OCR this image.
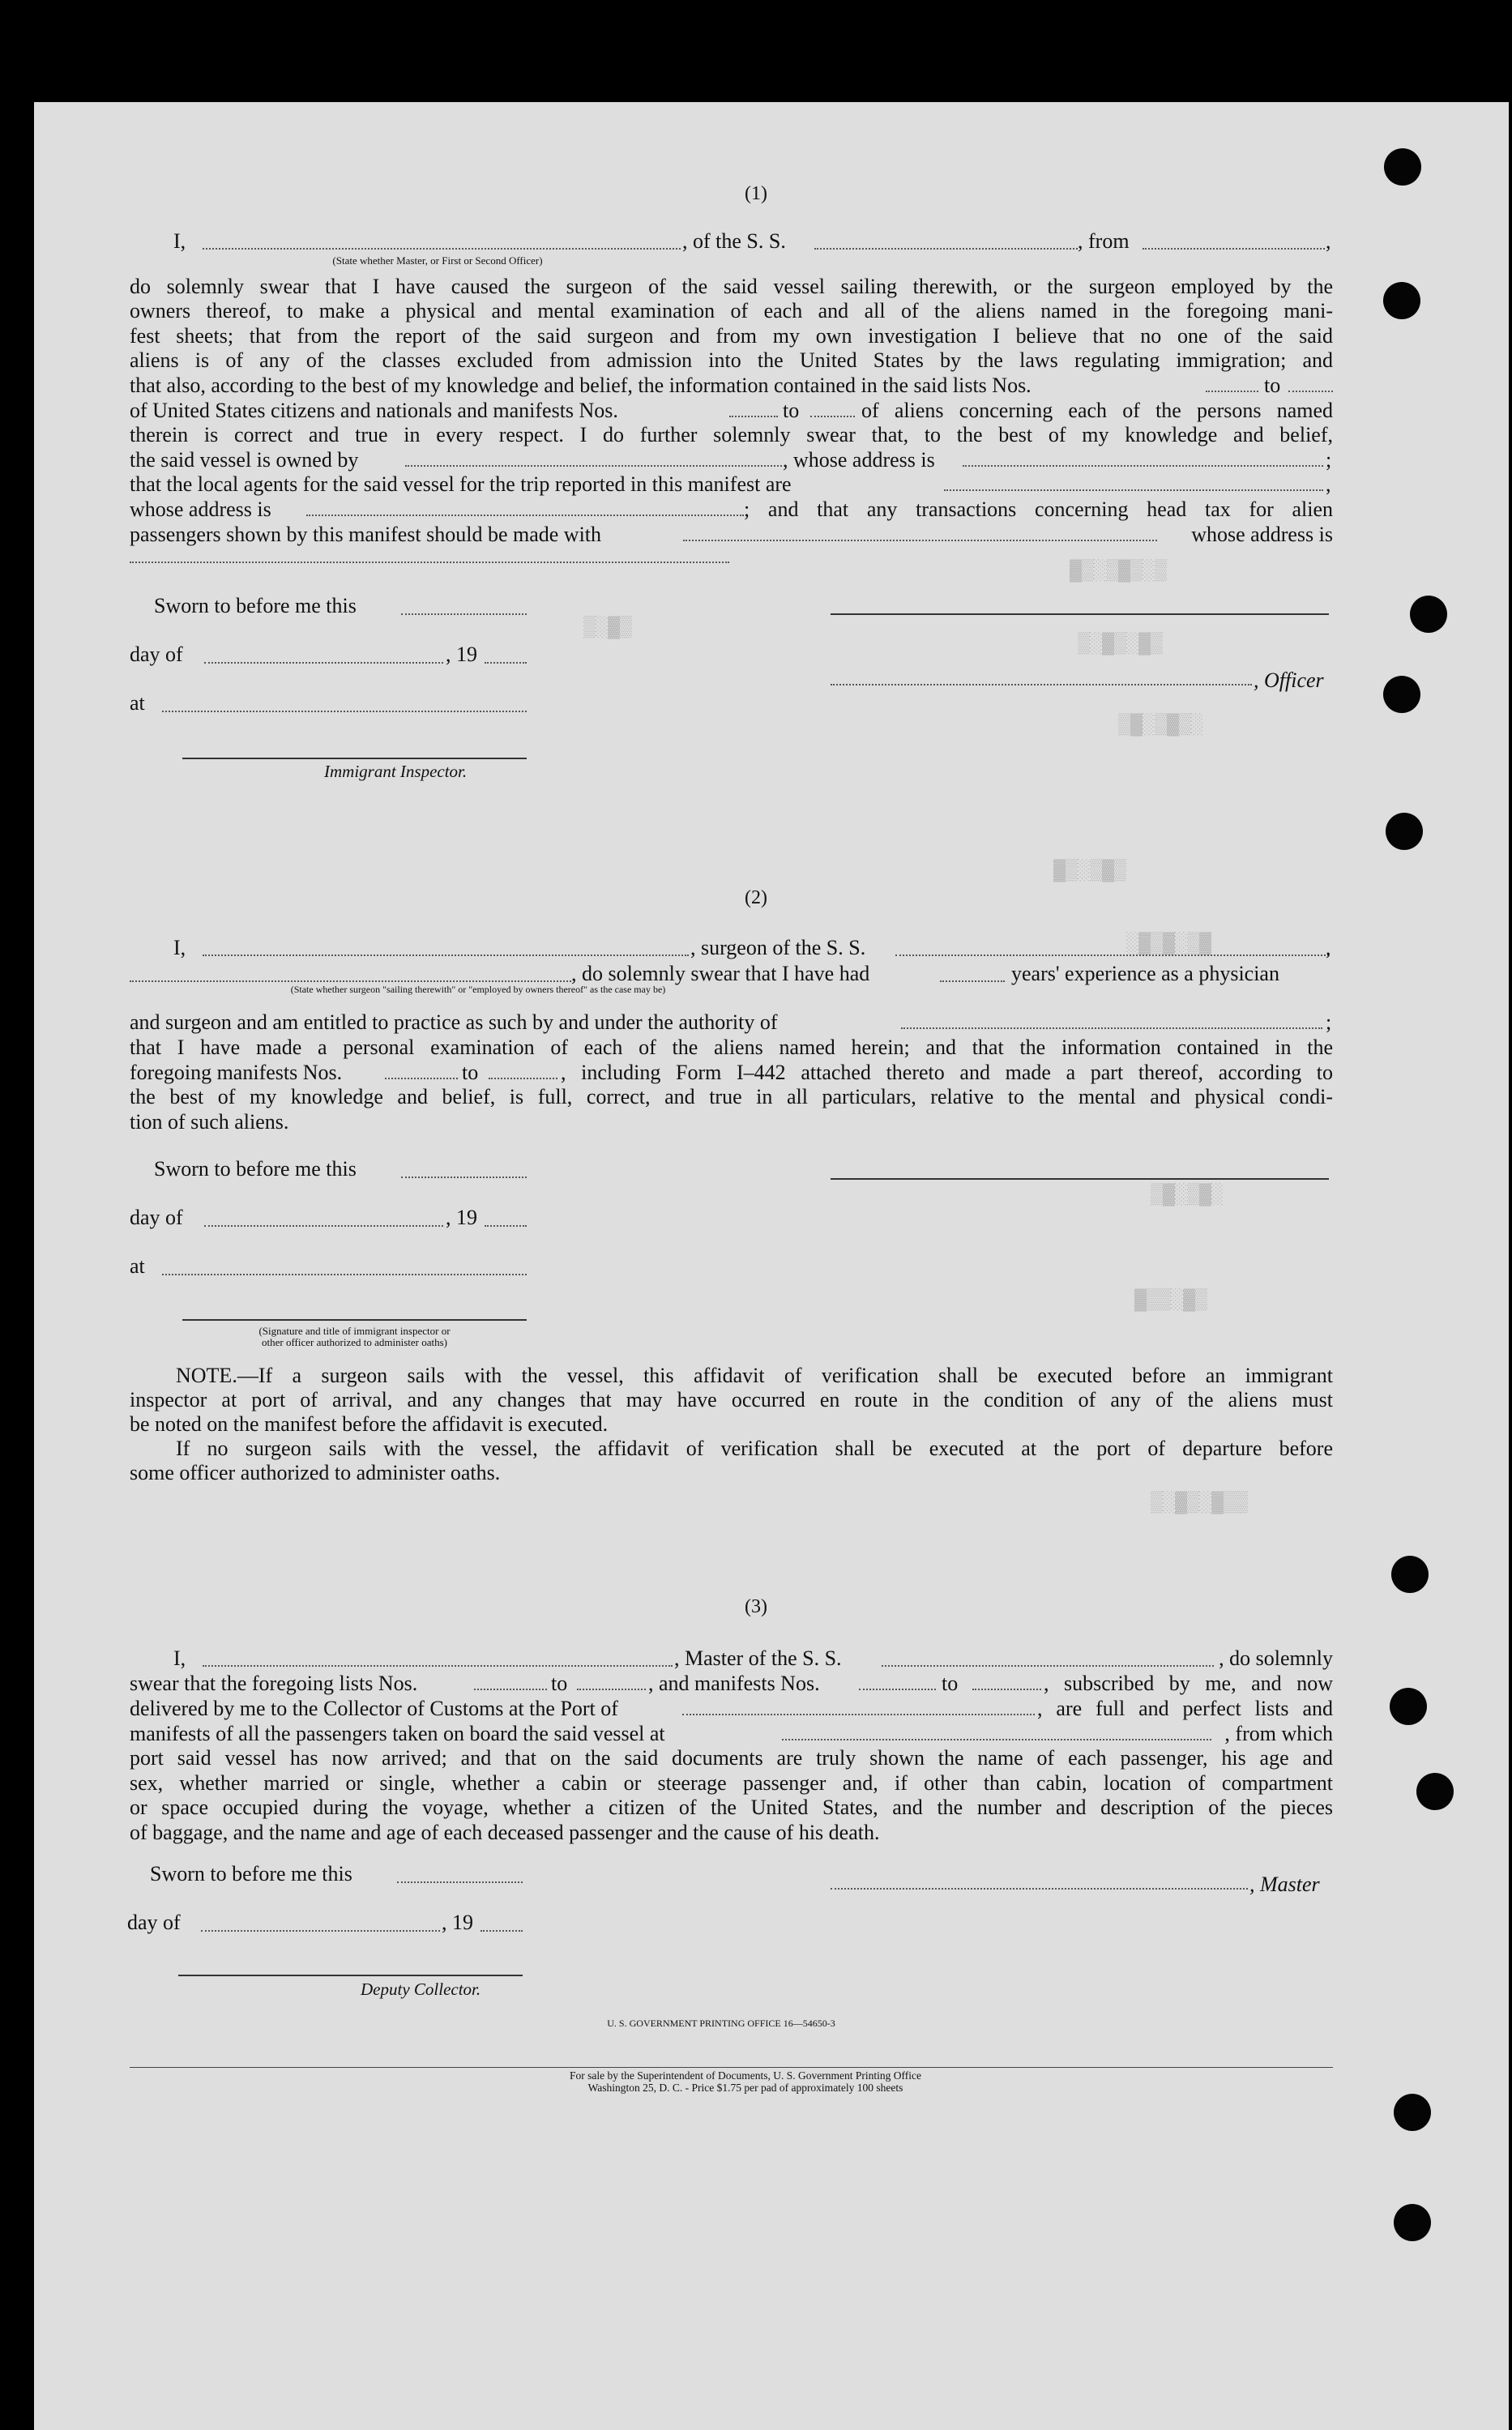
▓▒░▒▓▒░▒
▒░▓▒░▓▒
▒░▓▒
▒▓░▒▓▒░
▓▒░▒▓▒
░▓▒▓░▒▓
▒▓░▒▓░
▓▒▒░▓▒
▒░▓▒░▓▒▒
(1)
I,	, of the S. S.	, from	,
(State whether Master, or First or Second Officer)
do solemnly swear that I have caused the surgeon of the said vessel sailing therewith, or the surgeon employed by the
owners thereof, to make a physical and mental examination of each and all of the aliens named in the foregoing mani-
fest sheets; that from the report of the said surgeon and from my own investigation I believe that no one of the said
aliens is of any of the classes excluded from admission into the United States by the laws regulating immigration; and
that also, according to the best of my knowledge and belief, the information contained in the said lists Nos.	to
of United States citizens and nationals and manifests Nos.	to	of aliens concerning each of the persons named
therein is correct and true in every respect. I do further solemnly swear that, to the best of my knowledge and belief,
the said vessel is owned by	, whose address is	;
that the local agents for the said vessel for the trip reported in this manifest are	,
whose address is	; and that any transactions concerning head tax for alien
passengers shown by this manifest should be made with	whose address is
Sworn to before me this
day of	, 19
, Officer
at
Immigrant Inspector.
(2)
I,	, surgeon of the S. S.	,
, do solemnly swear that I have had	years' experience as a physician
(State whether surgeon "sailing therewith" or "employed by owners thereof" as the case may be)
and surgeon and am entitled to practice as such by and under the authority of	;
that I have made a personal examination of each of the aliens named herein; and that the information contained in the
foregoing manifests Nos.	to	, including Form I–442 attached thereto and made a part thereof, according to
the best of my knowledge and belief, is full, correct, and true in all particulars, relative to the mental and physical condi-
tion of such aliens.
Sworn to before me this
day of	, 19
at
(Signature and title of immigrant inspector or
other officer authorized to administer oaths)
NOTE.—If a surgeon sails with the vessel, this affidavit of verification shall be executed before an immigrant
inspector at port of arrival, and any changes that may have occurred en route in the condition of any of the aliens must
be noted on the manifest before the affidavit is executed.
If no surgeon sails with the vessel, the affidavit of verification shall be executed at the port of departure before
some officer authorized to administer oaths.
(3)
I,	, Master of the S. S.	, do solemnly
swear that the foregoing lists Nos.	to	, and manifests Nos.	to	, subscribed by me, and now
delivered by me to the Collector of Customs at the Port of	, are full and perfect lists and
manifests of all the passengers taken on board the said vessel at	, from which
port said vessel has now arrived; and that on the said documents are truly shown the name of each passenger, his age and
sex, whether married or single, whether a cabin or steerage passenger and, if other than cabin, location of compartment
or space occupied during the voyage, whether a citizen of the United States, and the number and description of the pieces
of baggage, and the name and age of each deceased passenger and the cause of his death.
Sworn to before me this	, Master
day of	, 19
Deputy Collector.
U. S. GOVERNMENT PRINTING OFFICE 16—54650-3
For sale by the Superintendent of Documents, U. S. Government Printing Office
Washington 25, D. C. - Price $1.75 per pad of approximately 100 sheets
